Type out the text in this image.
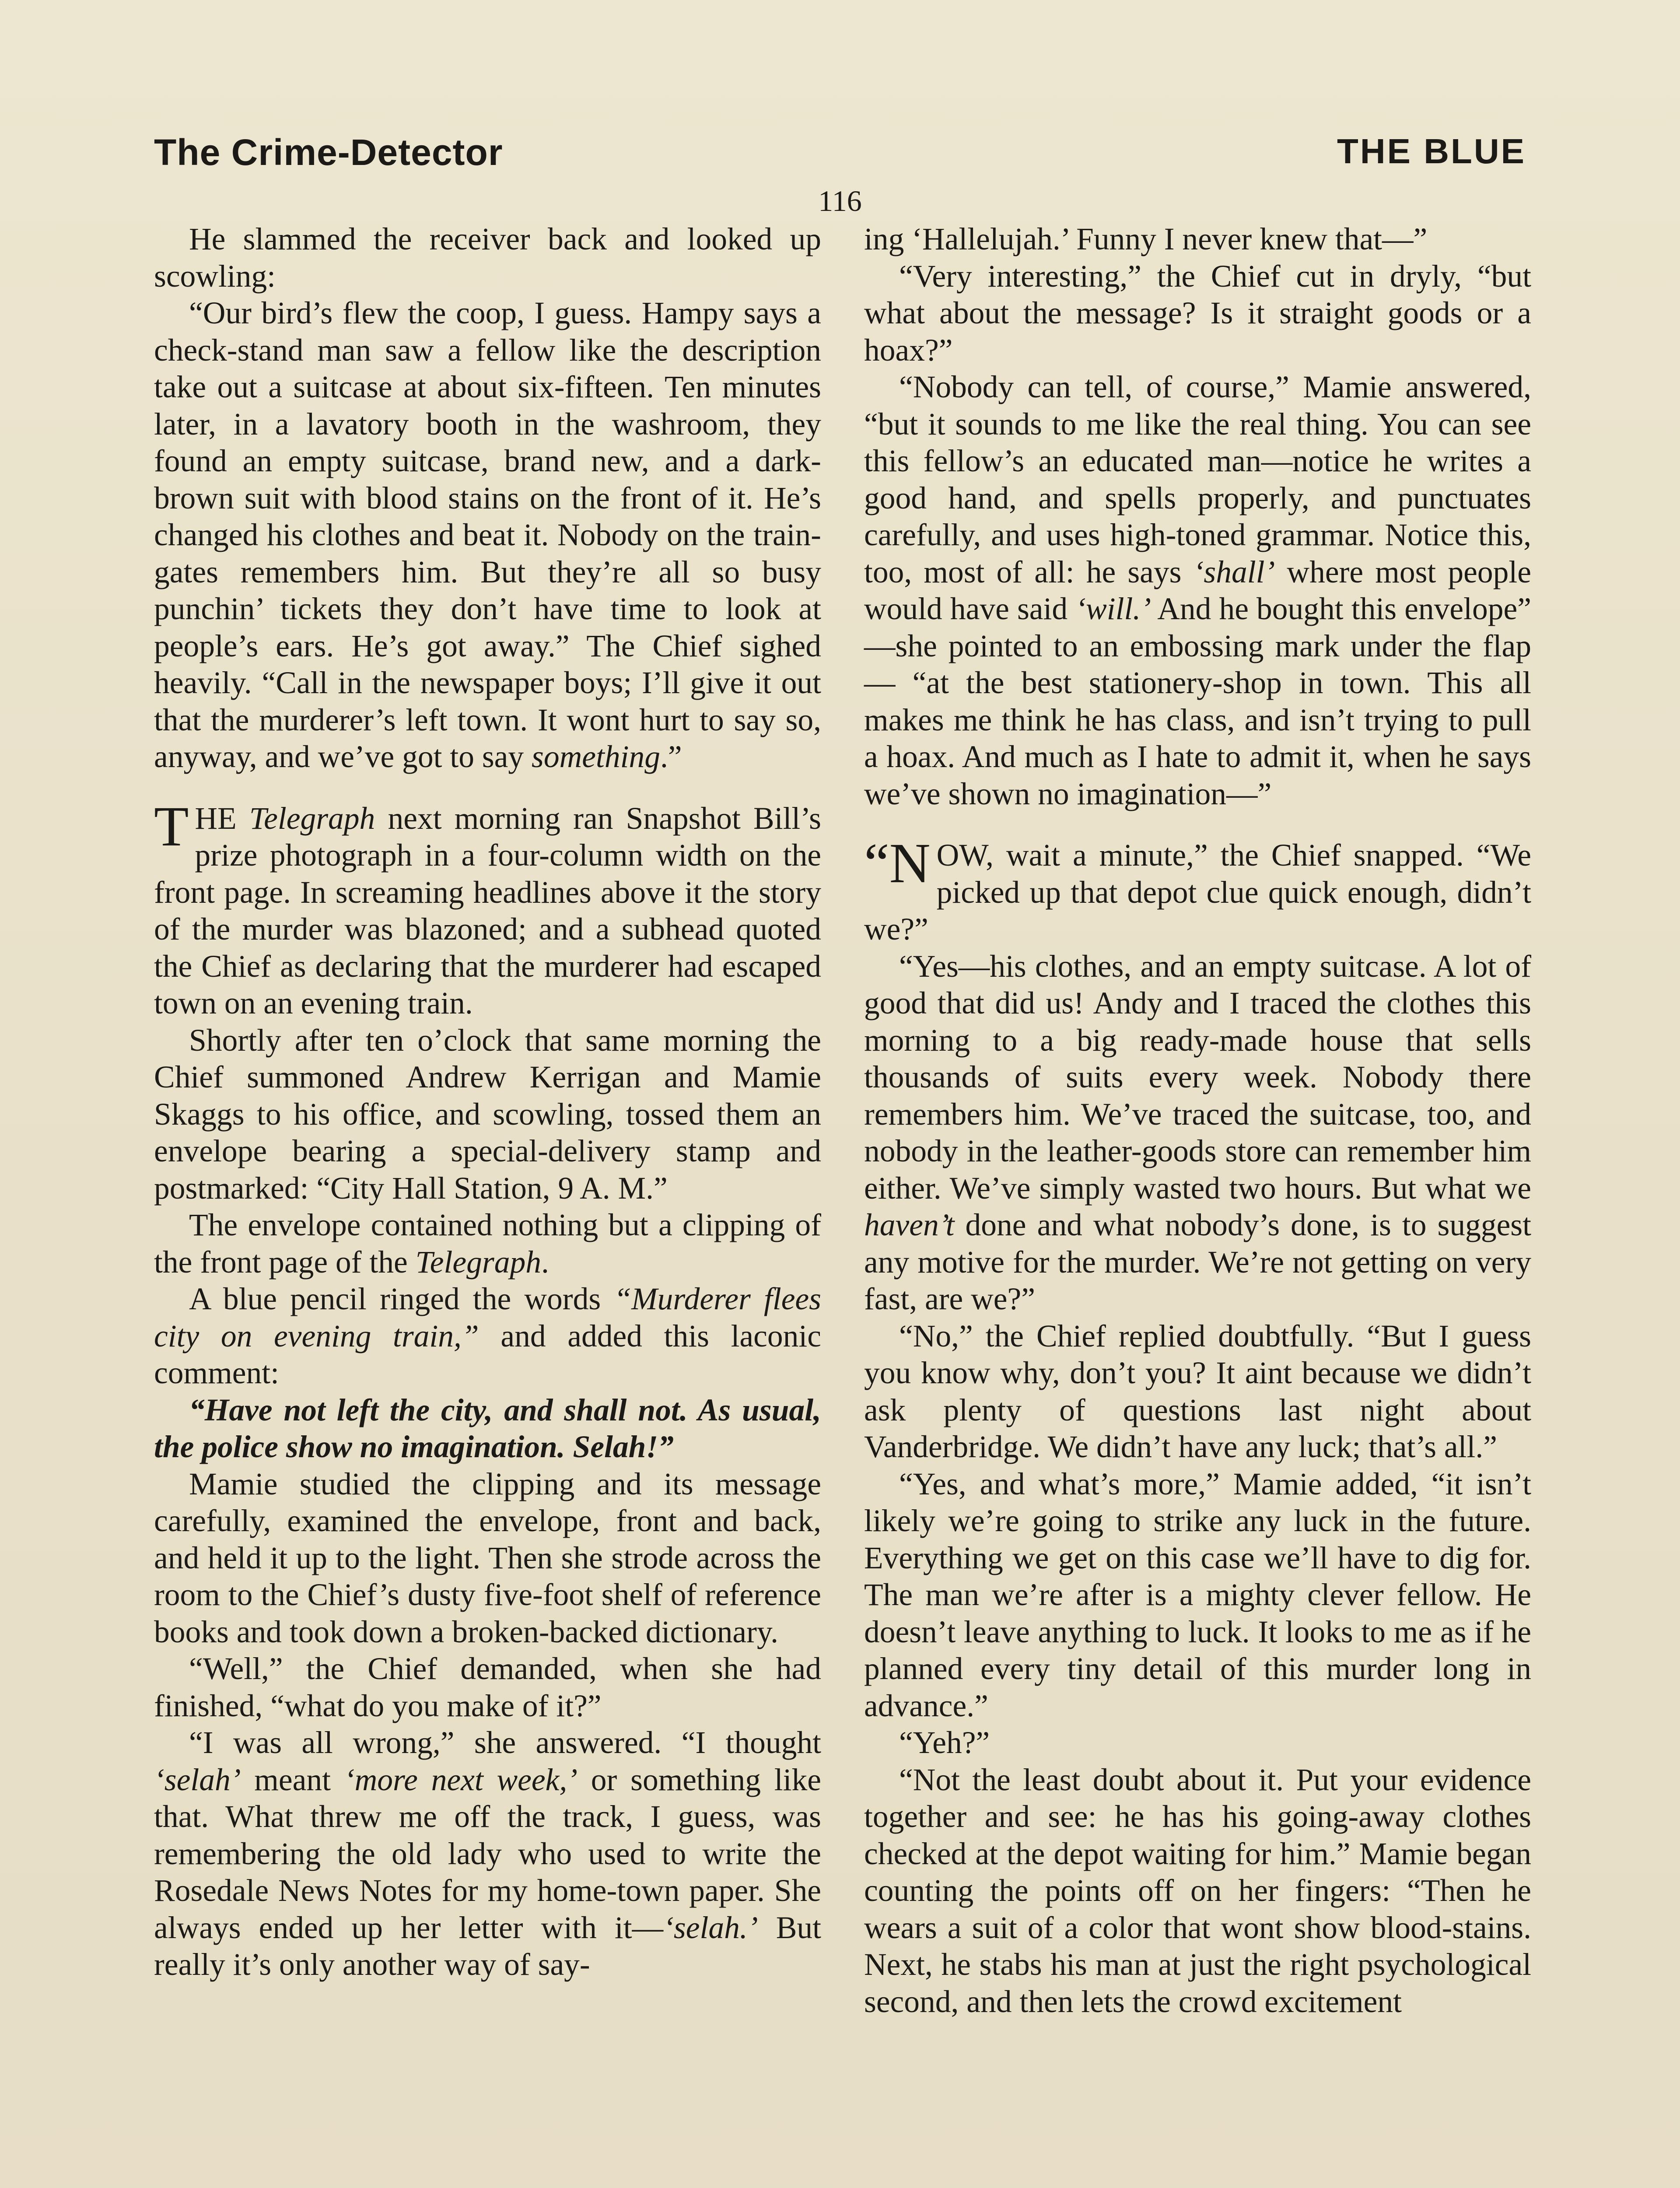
The Crime-Detector	THE BLUE
116

He slammed the receiver back and looked up scowling:

“Our bird’s flew the coop, I guess. Hampy says a check-stand man saw a fellow like the description take out a suitcase at about six-fifteen. Ten minutes later, in a lavatory booth in the washroom, they found an empty suitcase, brand new, and a dark-brown suit with blood stains on the front of it. He’s changed his clothes and beat it. Nobody on the train-gates remembers him. But they’re all so busy punchin’ tickets they don’t have time to look at people’s ears. He’s got away.” The Chief sighed heavily. “Call in the newspaper boys; I’ll give it out that the murderer’s left town. It wont hurt to say so, anyway, and we’ve got to say something.”

THE Telegraph next morning ran Snapshot Bill’s prize photograph in a four-column width on the front page. In screaming headlines above it the story of the murder was blazoned; and a subhead quoted the Chief as declaring that the murderer had escaped town on an evening train.

Shortly after ten o’clock that same morning the Chief summoned Andrew Kerrigan and Mamie Skaggs to his office, and scowling, tossed them an envelope bearing a special-delivery stamp and postmarked: “City Hall Station, 9 A. M.”

The envelope contained nothing but a clipping of the front page of the Telegraph.

A blue pencil ringed the words “Murderer flees city on evening train,” and added this laconic comment:

“Have not left the city, and shall not. As usual, the police show no imagination. Selah!”

Mamie studied the clipping and its message carefully, examined the envelope, front and back, and held it up to the light. Then she strode across the room to the Chief’s dusty five-foot shelf of reference books and took down a broken-backed dictionary.

“Well,” the Chief demanded, when she had finished, “what do you make of it?”

“I was all wrong,” she answered. “I thought ‘selah’ meant ‘more next week,’ or something like that. What threw me off the track, I guess, was remembering the old lady who used to write the Rosedale News Notes for my home-town paper. She always ended up her letter with it—‘selah.’ But really it’s only another way of say-

ing ‘Hallelujah.’ Funny I never knew that—”

“Very interesting,” the Chief cut in dryly, “but what about the message? Is it straight goods or a hoax?”

“Nobody can tell, of course,” Mamie answered, “but it sounds to me like the real thing. You can see this fellow’s an educated man—notice he writes a good hand, and spells properly, and punctuates carefully, and uses high-toned grammar. Notice this, too, most of all: he says ‘shall’ where most people would have said ‘will.’ And he bought this envelope” —she pointed to an embossing mark under the flap— “at the best stationery-shop in town. This all makes me think he has class, and isn’t trying to pull a hoax. And much as I hate to admit it, when he says we’ve shown no imagination—”

“NOW, wait a minute,” the Chief snapped. “We picked up that depot clue quick enough, didn’t we?”

“Yes—his clothes, and an empty suitcase. A lot of good that did us! Andy and I traced the clothes this morning to a big ready-made house that sells thousands of suits every week. Nobody there remembers him. We’ve traced the suitcase, too, and nobody in the leather-goods store can remember him either. We’ve simply wasted two hours. But what we haven’t done and what nobody’s done, is to suggest any motive for the murder. We’re not getting on very fast, are we?”

“No,” the Chief replied doubtfully. “But I guess you know why, don’t you? It aint because we didn’t ask plenty of questions last night about Vanderbridge. We didn’t have any luck; that’s all.”

“Yes, and what’s more,” Mamie added, “it isn’t likely we’re going to strike any luck in the future. Everything we get on this case we’ll have to dig for. The man we’re after is a mighty clever fellow. He doesn’t leave anything to luck. It looks to me as if he planned every tiny detail of this murder long in advance.”

“Yeh?”

“Not the least doubt about it. Put your evidence together and see: he has his going-away clothes checked at the depot waiting for him.” Mamie began counting the points off on her fingers: “Then he wears a suit of a color that wont show blood-stains. Next, he stabs his man at just the right psychological second, and then lets the crowd excitement
